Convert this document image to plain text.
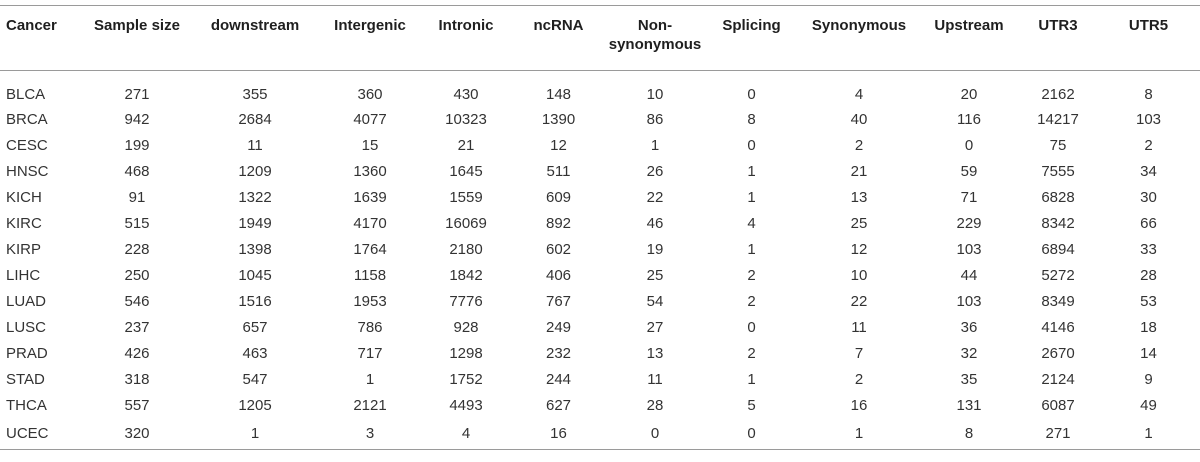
Cancer	Sample size	downstream	Intergenic	Intronic	ncRNA	Non-synonymous	Splicing	Synonymous	Upstream	UTR3	UTR5
BLCA	271	355	360	430	148	10	0	4	20	2162	8
BRCA	942	2684	4077	10323	1390	86	8	40	116	14217	103
CESC	199	11	15	21	12	1	0	2	0	75	2
HNSC	468	1209	1360	1645	511	26	1	21	59	7555	34
KICH	91	1322	1639	1559	609	22	1	13	71	6828	30
KIRC	515	1949	4170	16069	892	46	4	25	229	8342	66
KIRP	228	1398	1764	2180	602	19	1	12	103	6894	33
LIHC	250	1045	1158	1842	406	25	2	10	44	5272	28
LUAD	546	1516	1953	7776	767	54	2	22	103	8349	53
LUSC	237	657	786	928	249	27	0	11	36	4146	18
PRAD	426	463	717	1298	232	13	2	7	32	2670	14
STAD	318	547	1	1752	244	11	1	2	35	2124	9
THCA	557	1205	2121	4493	627	28	5	16	131	6087	49
UCEC	320	1	3	4	16	0	0	1	8	271	1
